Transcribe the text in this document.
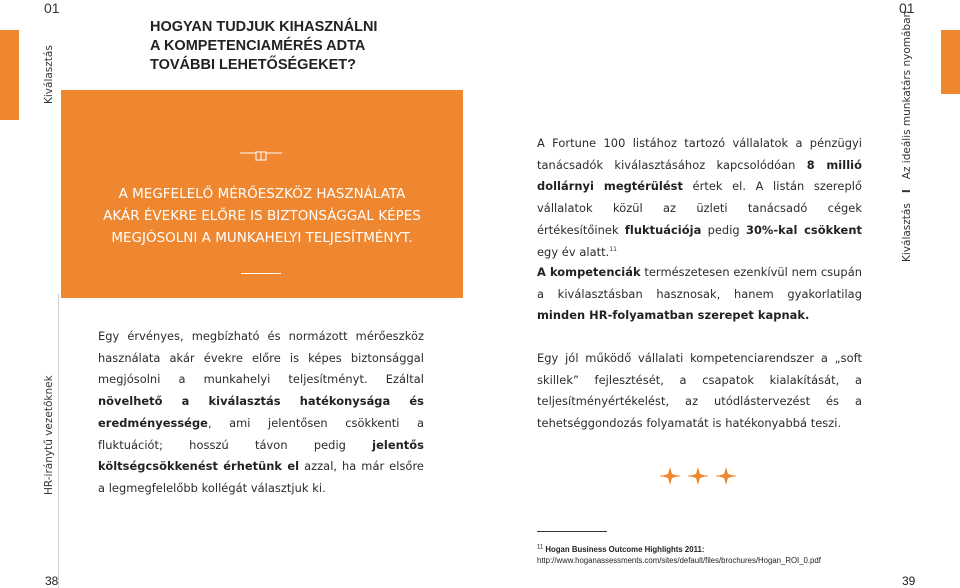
01
Kiválasztás
HR-iránytű vezetőknek
HOGYAN TUDJUK KIHASZNÁLNI A KOMPETENCIAMÉRÉS ADTA TOVÁBBI LEHETŐSÉGEKET?
A MEGFELELŐ MÉRŐESZKÖZ HASZNÁLATA
AKÁR ÉVEKRE ELŐRE IS BIZTONSÁGGAL KÉPES
MEGJÓSOLNI A MUNKAHELYI TELJESÍTMÉNYT.
Egy érvényes, megbízható és normázott mérőeszköz használata akár évekre előre is képes biztonsággal megjósolni a munkahelyi teljesítményt. Ezáltal növelhető a kiválasztás hatékonysága és eredményessége, ami jelentősen csökkenti a fluktuációt; hosszú távon pedig jelentős költségcsökkenést érhetünk el azzal, ha már elsőre a legmegfelelőbb kollégát választjuk ki.
38
01
Kiválasztás   I   Az ideális munkatárs nyomában
A Fortune 100 listához tartozó vállalatok a pénzügyi tanácsadók kiválasztásához kapcsolódóan 8 millió dollárnyi megtérülést értek el. A listán szereplő vállalatok közül az üzleti tanácsadó cégek értékesítőinek fluktuációja pedig 30%-kal csökkent egy év alatt.$^{11}$
A kompetenciák természetesen ezenkívül nem csupán a kiválasztásban hasznosak, hanem gyakorlatilag minden HR-folyamatban szerepet kapnak.
Egy jól működő vállalati kompetenciarendszer a „soft skillek” fejlesztését, a csapatok kialakítását, a teljesítményértékelést, az utódlástervezést és a tehetséggondozás folyamatát is hatékonyabbá teszi.
$^{11}$ Hogan Business Outcome Highlights 2011:
http://www.hoganassessments.com/sites/default/files/brochures/Hogan_ROI_0.pdf
39
